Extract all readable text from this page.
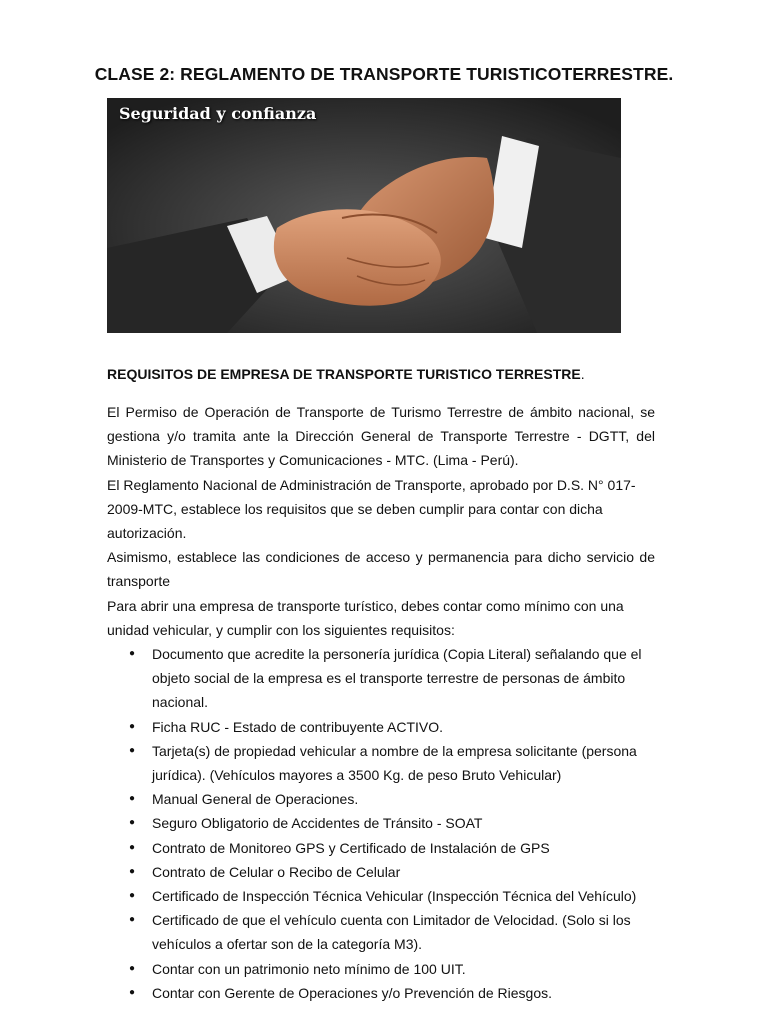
CLASE 2: REGLAMENTO DE TRANSPORTE TURISTICOTERRESTRE.
Seguridad y confianza
REQUISITOS DE EMPRESA DE TRANSPORTE TURISTICO TERRESTRE.

El Permiso de Operación de Transporte de Turismo Terrestre de ámbito nacional, se gestiona y/o tramita ante la Dirección General de Transporte Terrestre - DGTT, del Ministerio de Transportes y Comunicaciones - MTC. (Lima - Perú).

El Reglamento Nacional de Administración de Transporte, aprobado por D.S. N° 017-2009-MTC, establece los requisitos que se deben cumplir para contar con dicha autorización.

Asimismo, establece las condiciones de acceso y permanencia para dicho servicio de transporte

Para abrir una empresa de transporte turístico, debes contar como mínimo con una unidad vehicular, y cumplir con los siguientes requisitos:

● Documento que acredite la personería jurídica (Copia Literal) señalando que el objeto social de la empresa es el transporte terrestre de personas de ámbito nacional.
● Ficha RUC - Estado de contribuyente ACTIVO.
● Tarjeta(s) de propiedad vehicular a nombre de la empresa solicitante (persona jurídica). (Vehículos mayores a 3500 Kg. de peso Bruto Vehicular)
● Manual General de Operaciones.
● Seguro Obligatorio de Accidentes de Tránsito - SOAT
● Contrato de Monitoreo GPS y Certificado de Instalación de GPS
● Contrato de Celular o Recibo de Celular
● Certificado de Inspección Técnica Vehicular (Inspección Técnica del Vehículo)
● Certificado de que el vehículo cuenta con Limitador de Velocidad. (Solo si los vehículos a ofertar son de la categoría M3).
● Contar con un patrimonio neto mínimo de 100 UIT.
● Contar con Gerente de Operaciones y/o Prevención de Riesgos.
